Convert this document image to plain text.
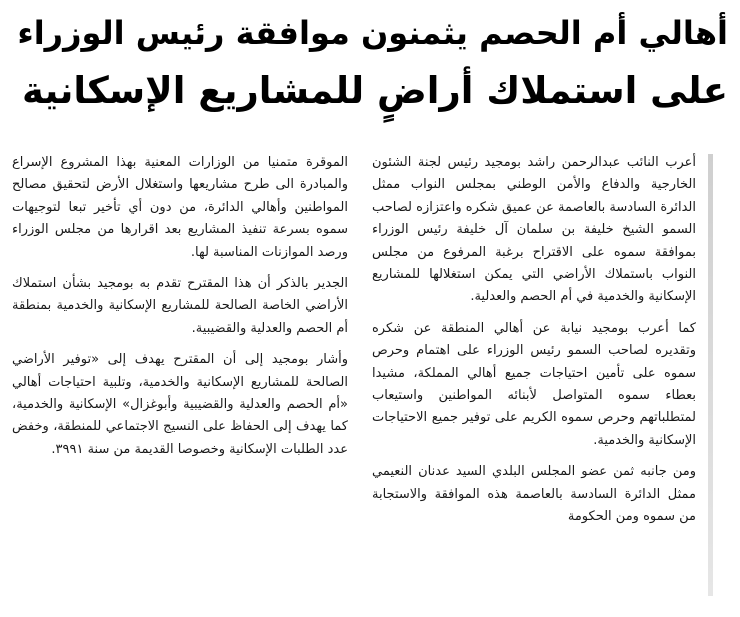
أهالي أم الحصم يثمنون موافقة رئيس الوزراء
على استملاك أراضٍ للمشاريع الإسكانية

أعرب النائب عبدالرحمن راشد بومجيد رئيس لجنة الشئون الخارجية والدفاع والأمن الوطني بمجلس النواب ممثل الدائرة السادسة بالعاصمة عن عميق شكره واعتزازه لصاحب السمو الشيخ خليفة بن سلمان آل خليفة رئيس الوزراء بموافقة سموه على الاقتراح برغبة المرفوع من مجلس النواب باستملاك الأراضي التي يمكن استغلالها للمشاريع الإسكانية والخدمية في أم الحصم والعدلية.

كما أعرب بومجيد نيابة عن أهالي المنطقة عن شكره وتقديره لصاحب السمو رئيس الوزراء على اهتمام وحرص سموه على تأمين احتياجات جميع أهالي المملكة، مشيدا بعطاء سموه المتواصل لأبنائه المواطنين واستيعاب لمتطلباتهم وحرص سموه الكريم على توفير جميع الاحتياجات الإسكانية والخدمية.

ومن جانبه ثمن عضو المجلس البلدي السيد عدنان النعيمي ممثل الدائرة السادسة بالعاصمة هذه الموافقة والاستجابة من سموه ومن الحكومة

الموقرة متمنيا من الوزارات المعنية بهذا المشروع الإسراع والمبادرة الى طرح مشاريعها واستغلال الأرض لتحقيق مصالح المواطنين وأهالي الدائرة، من دون أي تأخير تبعا لتوجيهات سموه بسرعة تنفيذ المشاريع بعد اقرارها من مجلس الوزراء ورصد الموازنات المناسبة لها.

الجدير بالذكر أن هذا المقترح تقدم به بومجيد بشأن استملاك الأراضي الخاصة الصالحة للمشاريع الإسكانية والخدمية بمنطقة أم الحصم والعدلية والقضيبية.

وأشار بومجيد إلى أن المقترح يهدف إلى «توفير الأراضي الصالحة للمشاريع الإسكانية والخدمية، وتلبية احتياجات أهالي «أم الحصم والعدلية والقضيبية وأبوغزال» الإسكانية والخدمية، كما يهدف إلى الحفاظ على النسيج الاجتماعي للمنطقة، وخفض عدد الطلبات الإسكانية وخصوصا القديمة من سنة ٣٩٩١.
